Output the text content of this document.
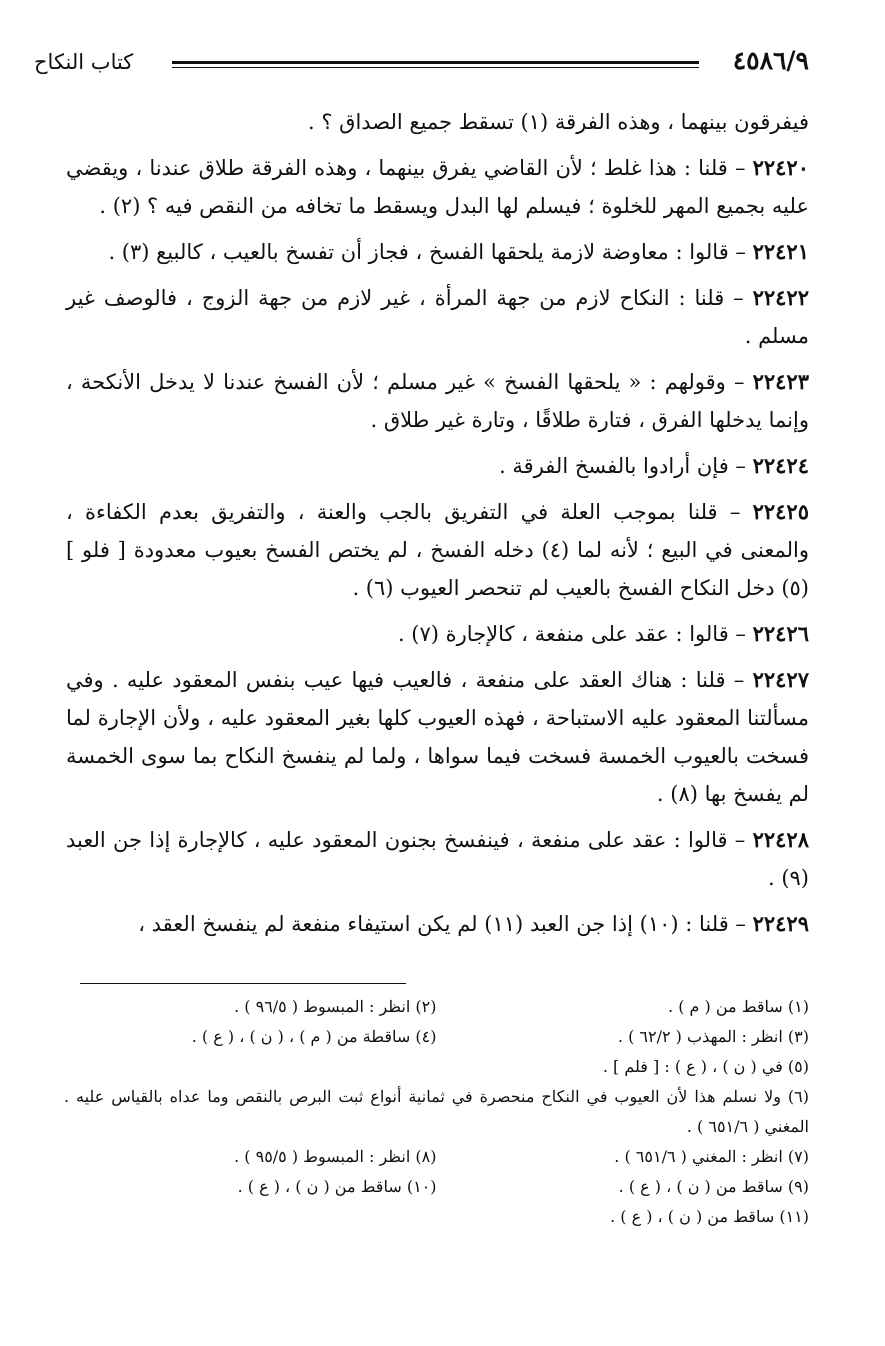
٤٥٨٦/٩
كتاب النكاح

فيفرقون بينهما ، وهذه الفرقة (١) تسقط جميع الصداق ؟ .

٢٢٤٢٠ – قلنا : هذا غلط ؛ لأن القاضي يفرق بينهما ، وهذه الفرقة طلاق عندنا ، ويقضي عليه بجميع المهر للخلوة ؛ فيسلم لها البدل ويسقط ما تخافه من النقص فيه ؟ (٢) .

٢٢٤٢١ – قالوا : معاوضة لازمة يلحقها الفسخ ، فجاز أن تفسخ بالعيب ، كالبيع (٣) .

٢٢٤٢٢ – قلنا : النكاح لازم من جهة المرأة ، غير لازم من جهة الزوج ، فالوصف غير مسلم .

٢٢٤٢٣ – وقولهم : « يلحقها الفسخ » غير مسلم ؛ لأن الفسخ عندنا لا يدخل الأنكحة ، وإنما يدخلها الفرق ، فتارة طلاقًا ، وتارة غير طلاق .

٢٢٤٢٤ – فإن أرادوا بالفسخ الفرقة .

٢٢٤٢٥ – قلنا بموجب العلة في التفريق بالجب والعنة ، والتفريق بعدم الكفاءة ، والمعنى في البيع ؛ لأنه لما (٤) دخله الفسخ ، لم يختص الفسخ بعيوب معدودة [ فلو ] (٥) دخل النكاح الفسخ بالعيب لم تنحصر العيوب (٦) .

٢٢٤٢٦ – قالوا : عقد على منفعة ، كالإجارة (٧) .

٢٢٤٢٧ – قلنا : هناك العقد على منفعة ، فالعيب فيها عيب بنفس المعقود عليه . وفي مسألتنا المعقود عليه الاستباحة ، فهذه العيوب كلها بغير المعقود عليه ، ولأن الإجارة لما فسخت بالعيوب الخمسة فسخت فيما سواها ، ولما لم ينفسخ النكاح بما سوى الخمسة لم يفسخ بها (٨) .

٢٢٤٢٨ – قالوا : عقد على منفعة ، فينفسخ بجنون المعقود عليه ، كالإجارة إذا جن العبد (٩) .

٢٢٤٢٩ – قلنا : (١٠) إذا جن العبد (١١) لم يكن استيفاء منفعة لم ينفسخ العقد ،

(١) ساقط من ( م ) .
(٢) انظر : المبسوط ( ٩٦/٥ ) .
(٣) انظر : المهذب ( ٦٢/٢ ) .
(٤) ساقطة من ( م ) ، ( ن ) ، ( ع ) .
(٥) في ( ن ) ، ( ع ) : [ فلم ] .
(٦) ولا نسلم هذا لأن العيوب في النكاح منحصرة في ثمانية أنواع ثبت البرص بالنقص وما عداه بالقياس عليه . المغني ( ٦٥١/٦ ) .
(٧) انظر : المغني ( ٦٥١/٦ ) .
(٨) انظر : المبسوط ( ٩٥/٥ ) .
(٩) ساقط من ( ن ) ، ( ع ) .
(١٠) ساقط من ( ن ) ، ( ع ) .
(١١) ساقط من ( ن ) ، ( ع ) .
